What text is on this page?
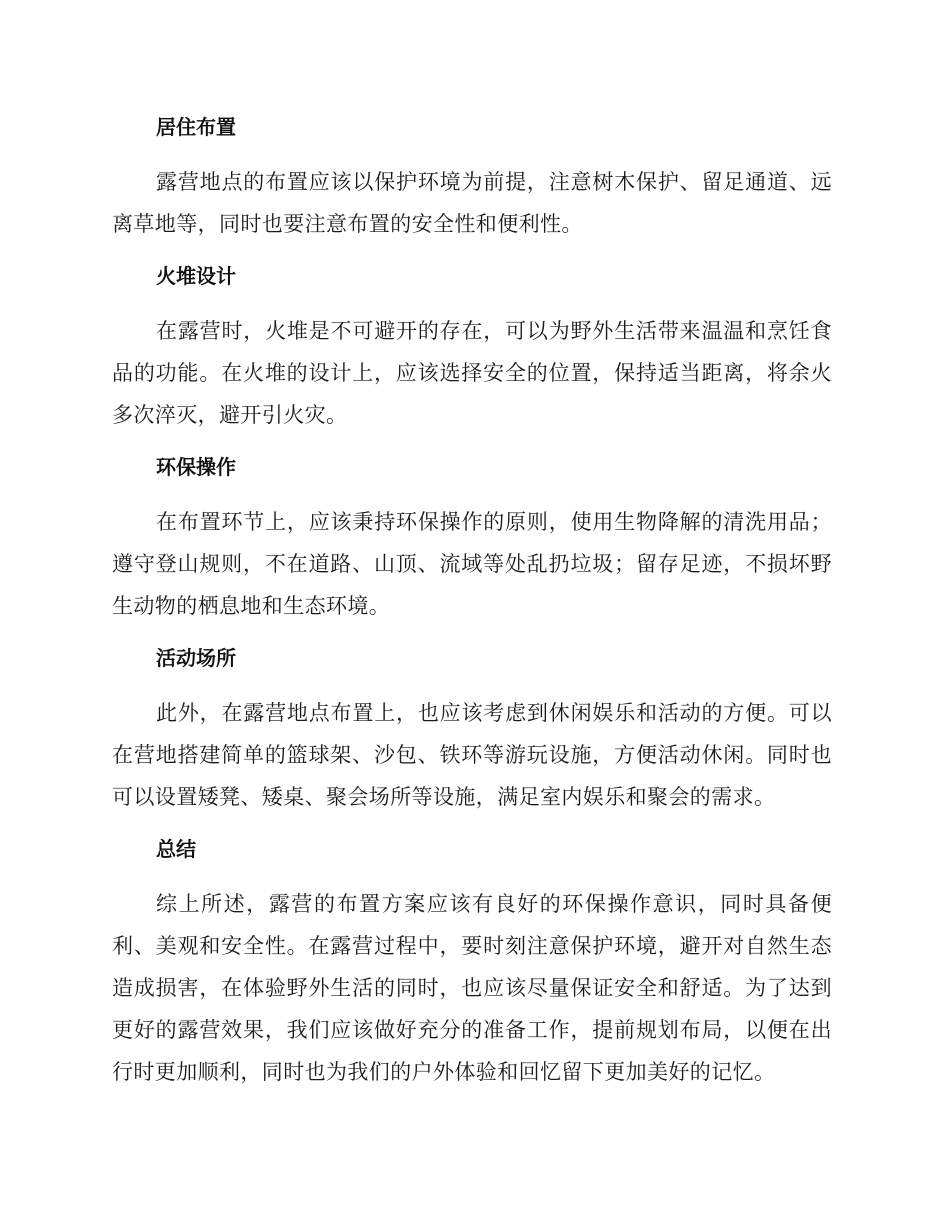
居住布置

露营地点的布置应该以保护环境为前提，注意树木保护、留足通道、远离草地等，同时也要注意布置的安全性和便利性。

火堆设计

在露营时，火堆是不可避开的存在，可以为野外生活带来温温和烹饪食品的功能。在火堆的设计上，应该选择安全的位置，保持适当距离，将余火多次淬灭，避开引火灾。

环保操作

在布置环节上，应该秉持环保操作的原则，使用生物降解的清洗用品；遵守登山规则，不在道路、山顶、流域等处乱扔垃圾；留存足迹，不损坏野生动物的栖息地和生态环境。

活动场所

此外，在露营地点布置上，也应该考虑到休闲娱乐和活动的方便。可以在营地搭建简单的篮球架、沙包、铁环等游玩设施，方便活动休闲。同时也可以设置矮凳、矮桌、聚会场所等设施，满足室内娱乐和聚会的需求。

总结

综上所述，露营的布置方案应该有良好的环保操作意识，同时具备便利、美观和安全性。在露营过程中，要时刻注意保护环境，避开对自然生态造成损害，在体验野外生活的同时，也应该尽量保证安全和舒适。为了达到更好的露营效果，我们应该做好充分的准备工作，提前规划布局，以便在出行时更加顺利，同时也为我们的户外体验和回忆留下更加美好的记忆。
